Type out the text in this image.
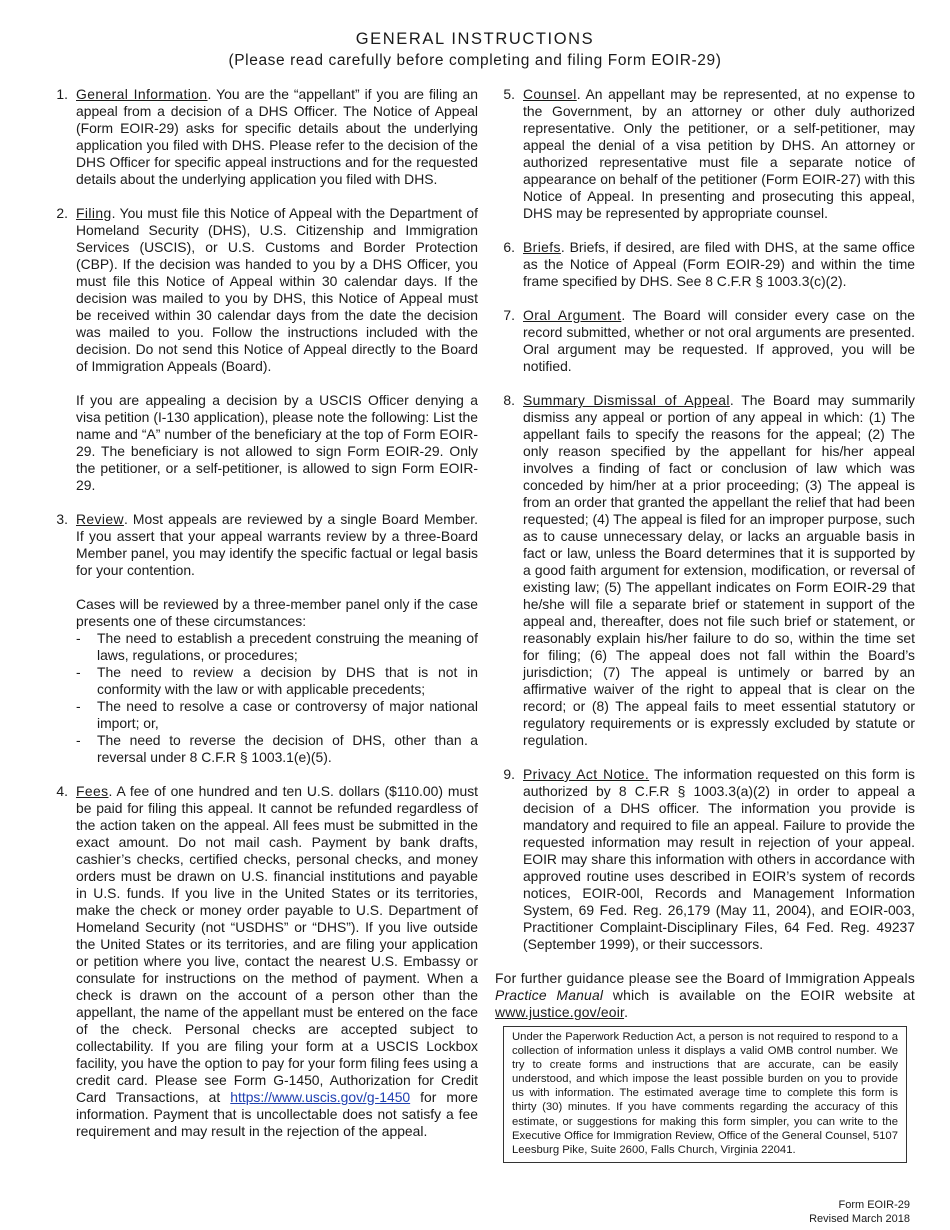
GENERAL INSTRUCTIONS
(Please read carefully before completing and filing Form EOIR-29)
1. General Information. You are the “appellant” if you are filing an appeal from a decision of a DHS Officer. The Notice of Appeal (Form EOIR-29) asks for specific details about the underlying application you filed with DHS. Please refer to the decision of the DHS Officer for specific appeal instructions and for the requested details about the underlying application you filed with DHS.
2. Filing. You must file this Notice of Appeal with the Department of Homeland Security (DHS), U.S. Citizenship and Immigration Services (USCIS), or U.S. Customs and Border Protection (CBP). If the decision was handed to you by a DHS Officer, you must file this Notice of Appeal within 30 calendar days. If the decision was mailed to you by DHS, this Notice of Appeal must be received within 30 calendar days from the date the decision was mailed to you. Follow the instructions included with the decision. Do not send this Notice of Appeal directly to the Board of Immigration Appeals (Board).
If you are appealing a decision by a USCIS Officer denying a visa petition (I-130 application), please note the following: List the name and “A” number of the beneficiary at the top of Form EOIR-29. The beneficiary is not allowed to sign Form EOIR-29. Only the petitioner, or a self-petitioner, is allowed to sign Form EOIR-29.
3. Review. Most appeals are reviewed by a single Board Member. If you assert that your appeal warrants review by a three-Board Member panel, you may identify the specific factual or legal basis for your contention.
Cases will be reviewed by a three-member panel only if the case presents one of these circumstances:
- The need to establish a precedent construing the meaning of laws, regulations, or procedures;
- The need to review a decision by DHS that is not in conformity with the law or with applicable precedents;
- The need to resolve a case or controversy of major national import; or,
- The need to reverse the decision of DHS, other than a reversal under 8 C.F.R § 1003.1(e)(5).
4. Fees. A fee of one hundred and ten U.S. dollars ($110.00) must be paid for filing this appeal. It cannot be refunded regardless of the action taken on the appeal. All fees must be submitted in the exact amount. Do not mail cash. Payment by bank drafts, cashier’s checks, certified checks, personal checks, and money orders must be drawn on U.S. financial institutions and payable in U.S. funds. If you live in the United States or its territories, make the check or money order payable to U.S. Department of Homeland Security (not “USDHS” or “DHS”). If you live outside the United States or its territories, and are filing your application or petition where you live, contact the nearest U.S. Embassy or consulate for instructions on the method of payment. When a check is drawn on the account of a person other than the appellant, the name of the appellant must be entered on the face of the check. Personal checks are accepted subject to collectability. If you are filing your form at a USCIS Lockbox facility, you have the option to pay for your form filing fees using a credit card. Please see Form G-1450, Authorization for Credit Card Transactions, at https://www.uscis.gov/g-1450 for more information. Payment that is uncollectable does not satisfy a fee requirement and may result in the rejection of the appeal.
5. Counsel. An appellant may be represented, at no expense to the Government, by an attorney or other duly authorized representative. Only the petitioner, or a self-petitioner, may appeal the denial of a visa petition by DHS. An attorney or authorized representative must file a separate notice of appearance on behalf of the petitioner (Form EOIR-27) with this Notice of Appeal. In presenting and prosecuting this appeal, DHS may be represented by appropriate counsel.
6. Briefs. Briefs, if desired, are filed with DHS, at the same office as the Notice of Appeal (Form EOIR-29) and within the time frame specified by DHS. See 8 C.F.R § 1003.3(c)(2).
7. Oral Argument. The Board will consider every case on the record submitted, whether or not oral arguments are presented. Oral argument may be requested. If approved, you will be notified.
8. Summary Dismissal of Appeal. The Board may summarily dismiss any appeal or portion of any appeal in which: (1) The appellant fails to specify the reasons for the appeal; (2) The only reason specified by the appellant for his/her appeal involves a finding of fact or conclusion of law which was conceded by him/her at a prior proceeding; (3) The appeal is from an order that granted the appellant the relief that had been requested; (4) The appeal is filed for an improper purpose, such as to cause unnecessary delay, or lacks an arguable basis in fact or law, unless the Board determines that it is supported by a good faith argument for extension, modification, or reversal of existing law; (5) The appellant indicates on Form EOIR-29 that he/she will file a separate brief or statement in support of the appeal and, thereafter, does not file such brief or statement, or reasonably explain his/her failure to do so, within the time set for filing; (6) The appeal does not fall within the Board’s jurisdiction; (7) The appeal is untimely or barred by an affirmative waiver of the right to appeal that is clear on the record; or (8) The appeal fails to meet essential statutory or regulatory requirements or is expressly excluded by statute or regulation.
9. Privacy Act Notice. The information requested on this form is authorized by 8 C.F.R § 1003.3(a)(2) in order to appeal a decision of a DHS officer. The information you provide is mandatory and required to file an appeal. Failure to provide the requested information may result in rejection of your appeal. EOIR may share this information with others in accordance with approved routine uses described in EOIR’s system of records notices, EOIR-00l, Records and Management Information System, 69 Fed. Reg. 26,179 (May 11, 2004), and EOIR-003, Practitioner Complaint-Disciplinary Files, 64 Fed. Reg. 49237 (September 1999), or their successors.
For further guidance please see the Board of Immigration Appeals Practice Manual which is available on the EOIR website at www.justice.gov/eoir.
Under the Paperwork Reduction Act, a person is not required to respond to a collection of information unless it displays a valid OMB control number. We try to create forms and instructions that are accurate, can be easily understood, and which impose the least possible burden on you to provide us with information. The estimated average time to complete this form is thirty (30) minutes. If you have comments regarding the accuracy of this estimate, or suggestions for making this form simpler, you can write to the Executive Office for Immigration Review, Office of the General Counsel, 5107 Leesburg Pike, Suite 2600, Falls Church, Virginia 22041.
Form EOIR-29
Revised March 2018
